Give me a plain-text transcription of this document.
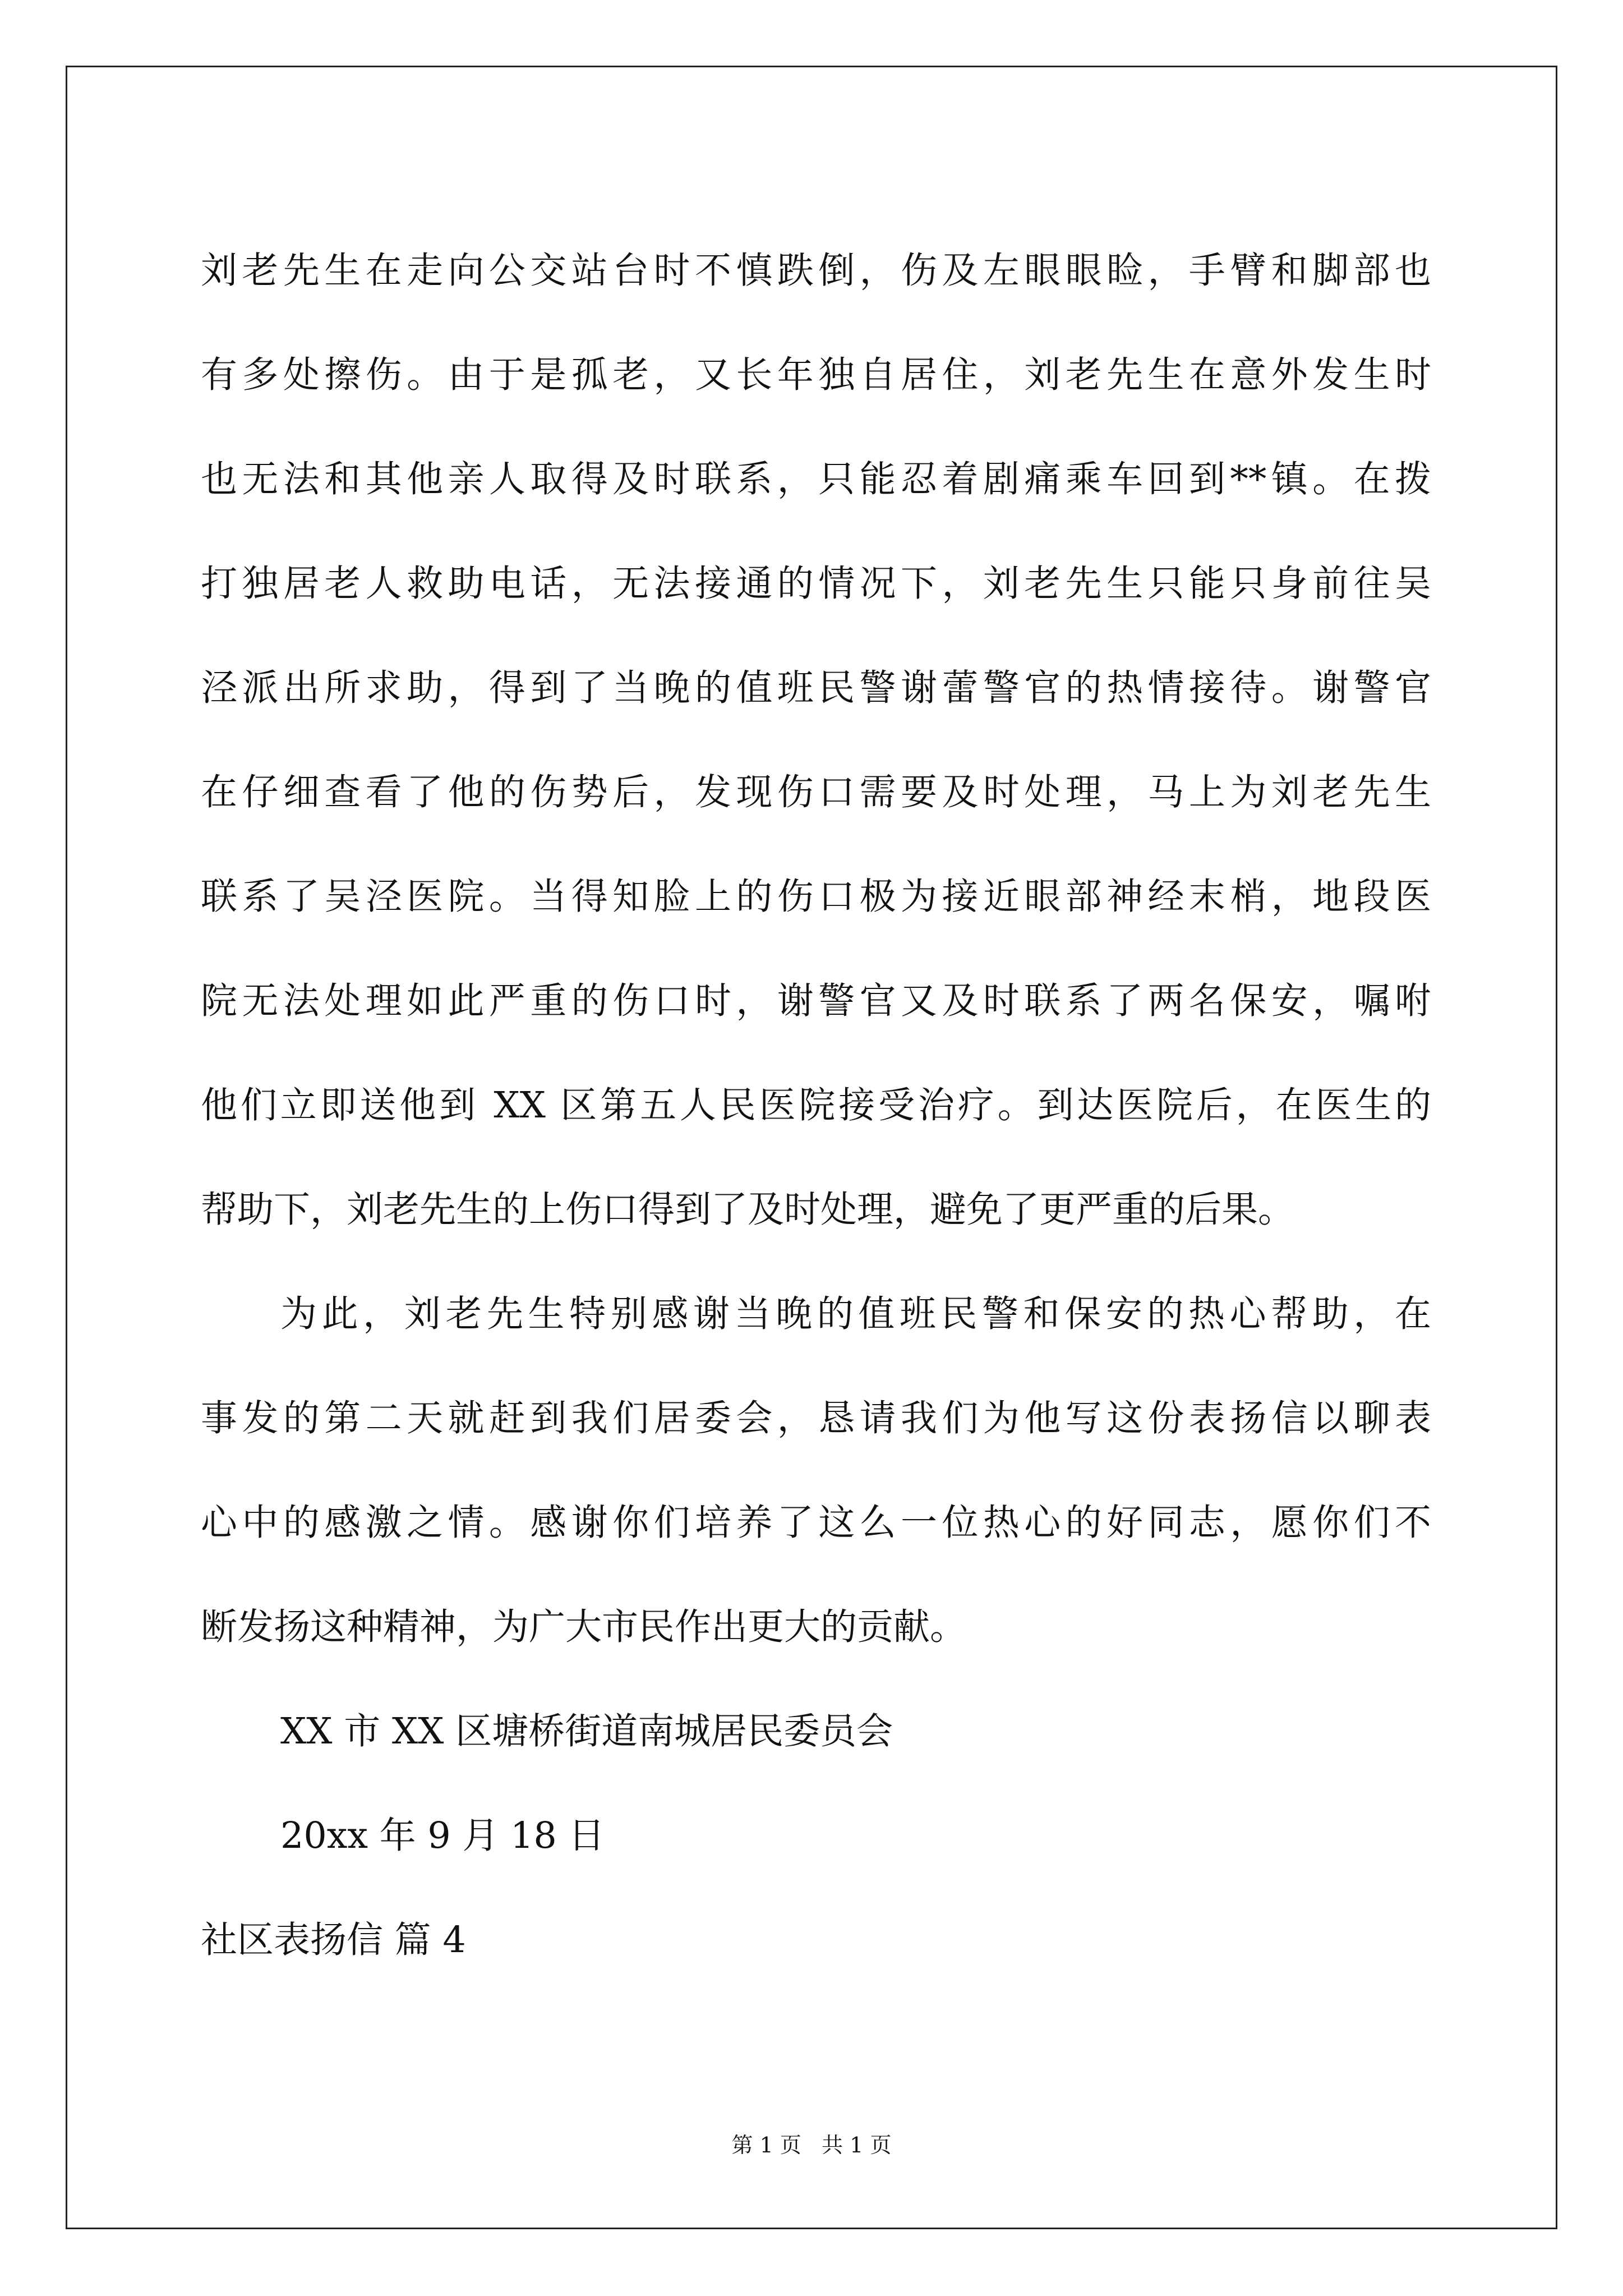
刘老先生在走向公交站台时不慎跌倒，伤及左眼眼睑，手臂和脚部也
有多处擦伤。由于是孤老，又长年独自居住，刘老先生在意外发生时
也无法和其他亲人取得及时联系，只能忍着剧痛乘车回到**镇。在拨
打独居老人救助电话，无法接通的情况下，刘老先生只能只身前往吴
泾派出所求助，得到了当晚的值班民警谢蕾警官的热情接待。谢警官
在仔细查看了他的伤势后，发现伤口需要及时处理，马上为刘老先生
联系了吴泾医院。当得知脸上的伤口极为接近眼部神经末梢，地段医
院无法处理如此严重的伤口时，谢警官又及时联系了两名保安，嘱咐
他们立即送他到 XX 区第五人民医院接受治疗。到达医院后，在医生的
帮助下，刘老先生的上伤口得到了及时处理，避免了更严重的后果。
为此，刘老先生特别感谢当晚的值班民警和保安的热心帮助，在
事发的第二天就赶到我们居委会，恳请我们为他写这份表扬信以聊表
心中的感激之情。感谢你们培养了这么一位热心的好同志，愿你们不
断发扬这种精神，为广大市民作出更大的贡献。
XX 市 XX 区塘桥街道南城居民委员会
20xx 年 9 月 18 日
社区表扬信 篇 4
第 1 页   共 1 页
